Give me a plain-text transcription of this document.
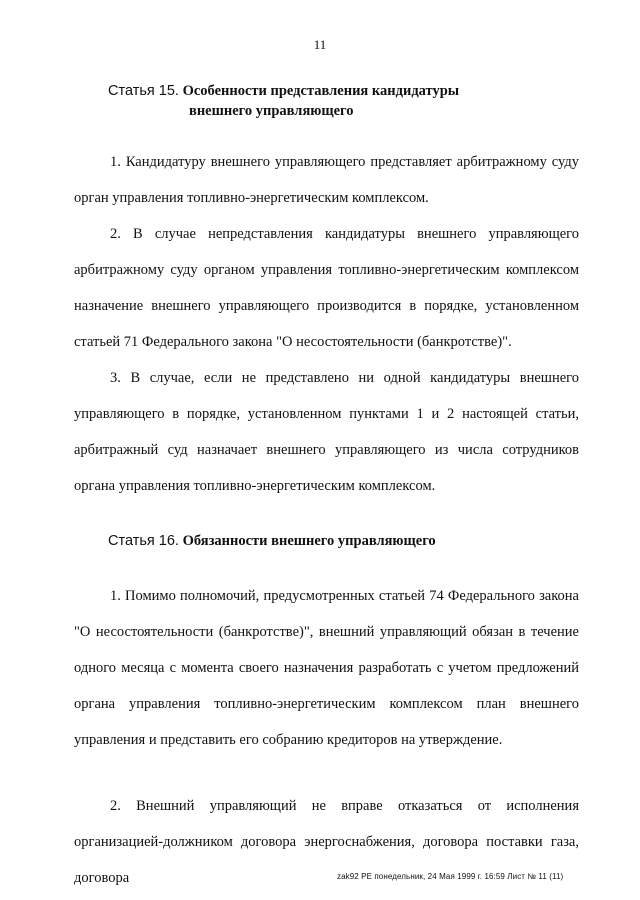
11
Статья 15. Особенности представления кандидатуры
внешнего управляющего
1. Кандидатуру внешнего управляющего представляет арбитражному суду орган управления топливно-энергетическим комплексом.
2. В случае непредставления кандидатуры внешнего управляющего арбитражному суду органом управления топливно-энергетическим комплексом назначение внешнего управляющего производится в порядке, установленном статьей 71 Федерального закона "О несостоятельности (банкротстве)".
3. В случае, если не представлено ни одной кандидатуры внешнего управляющего в порядке, установленном пунктами 1 и 2 настоящей статьи, арбитражный суд назначает внешнего управляющего из числа сотрудников органа управления топливно-энергетическим комплексом.
Статья 16. Обязанности внешнего управляющего
1. Помимо полномочий, предусмотренных статьей 74 Федерального закона "О несостоятельности (банкротстве)", внешний управляющий обязан в течение одного месяца с момента своего назначения разработать с учетом предложений органа управления топливно-энергетическим комплексом план внешнего управления и представить его собранию кредиторов на утверждение.
2. Внешний управляющий не вправе отказаться от исполнения организацией-должником договора энергоснабжения, договора поставки газа, договора	zak92 PE понедельник, 24 Мая 1999 г. 16:59 Лист № 11 (11)
